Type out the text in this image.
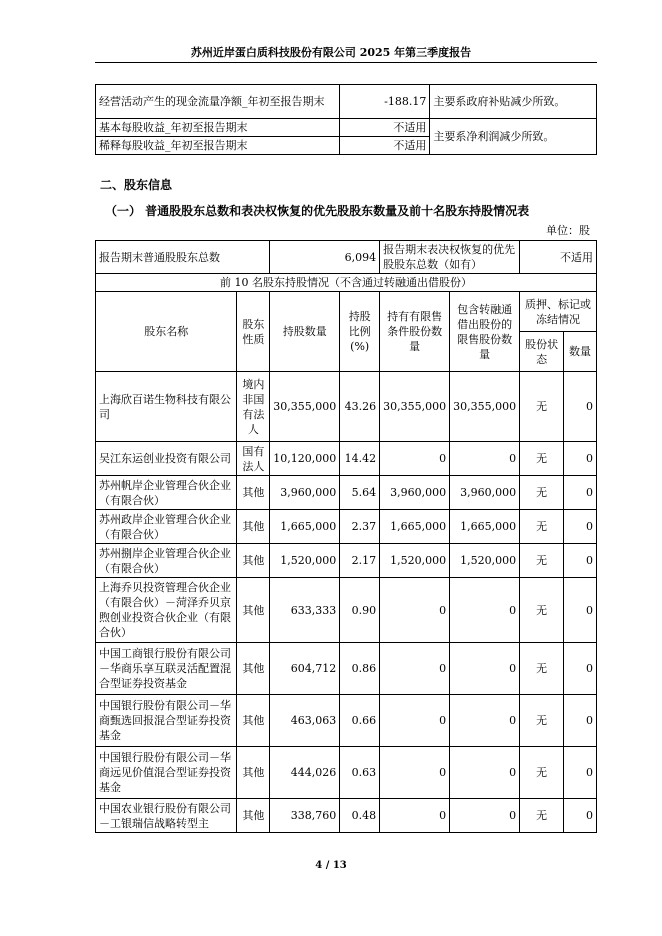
苏州近岸蛋白质科技股份有限公司 2025 年第三季度报告
经营活动产生的现金流量净额_年初至报告期末	-188.17	主要系政府补贴减少所致。
基本每股收益_年初至报告期末	不适用	主要系净利润减少所致。
稀释每股收益_年初至报告期末	不适用	
二、股东信息
（一） 普通股股东总数和表决权恢复的优先股股东数量及前十名股东持股情况表
单位：股
报告期末普通股股东总数		6,094		报告期末表决权恢复的优先股股东总数（如有）		不适用	
前 10 名股东持股情况（不含通过转融通出借股份）							
股东名称	股东性质	持股数量	持股比例(%)	持有有限售条件股份数量	包含转融通借出股份的限售股份数量	质押、标记或冻结情况	
						股份状态	数量
上海欣百诺生物科技有限公司	境内非国有法人	30,355,000	43.26	30,355,000	30,355,000	无	0
吴江东运创业投资有限公司	国有法人	10,120,000	14.42	0	0	无	0
苏州帆岸企业管理合伙企业（有限合伙）	其他	3,960,000	5.64	3,960,000	3,960,000	无	0
苏州政岸企业管理合伙企业（有限合伙）	其他	1,665,000	2.37	1,665,000	1,665,000	无	0
苏州捌岸企业管理合伙企业（有限合伙）	其他	1,520,000	2.17	1,520,000	1,520,000	无	0
上海乔贝投资管理合伙企业（有限合伙）－菏泽乔贝京煦创业投资合伙企业（有限合伙）	其他	633,333	0.90	0	0	无	0
中国工商银行股份有限公司－华商乐享互联灵活配置混合型证券投资基金	其他	604,712	0.86	0	0	无	0
中国银行股份有限公司－华商甄选回报混合型证券投资基金	其他	463,063	0.66	0	0	无	0
中国银行股份有限公司－华商远见价值混合型证券投资基金	其他	444,026	0.63	0	0	无	0
中国农业银行股份有限公司－工银瑞信战略转型主	其他	338,760	0.48	0	0	无	0
4 / 13
